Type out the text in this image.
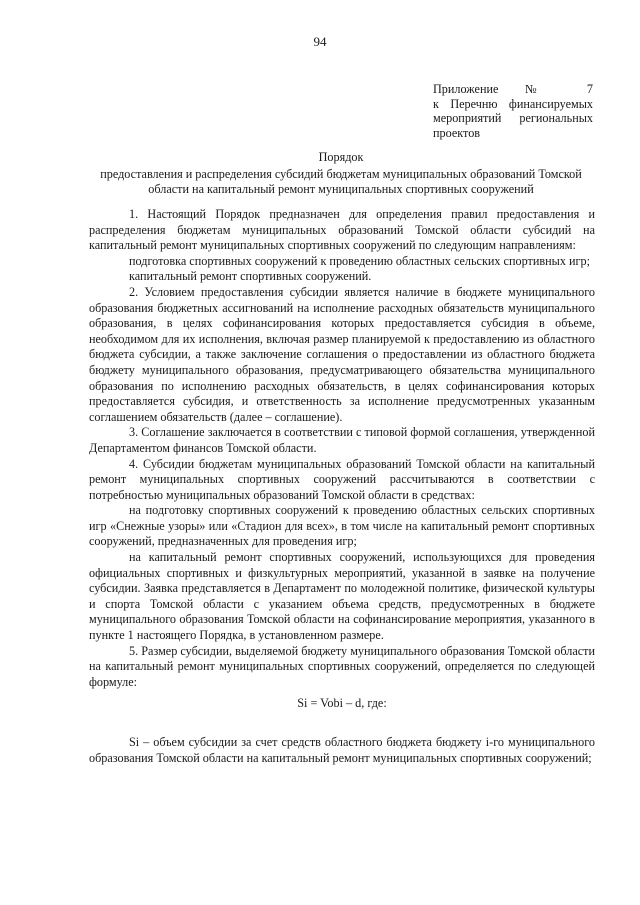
94
Приложение № 7
к Перечню финансируемых
мероприятий региональных
проектов
Порядок
предоставления и распределения субсидий бюджетам муниципальных образований Томской области на капитальный ремонт муниципальных спортивных сооружений

1. Настоящий Порядок предназначен для определения правил предоставления и распределения бюджетам муниципальных образований Томской области субсидий на капитальный ремонт муниципальных спортивных сооружений по следующим направлениям:

подготовка спортивных сооружений к проведению областных сельских спортивных игр;

капитальный ремонт спортивных сооружений.

2. Условием предоставления субсидии является наличие в бюджете муниципального образования бюджетных ассигнований на исполнение расходных обязательств муниципального образования, в целях софинансирования которых предоставляется субсидия в объеме, необходимом для их исполнения, включая размер планируемой к предоставлению из областного бюджета субсидии, а также заключение соглашения о предоставлении из областного бюджета бюджету муниципального образования, предусматривающего обязательства муниципального образования по исполнению расходных обязательств, в целях софинансирования которых предоставляется субсидия, и ответственность за исполнение предусмотренных указанным соглашением обязательств (далее – соглашение).

3. Соглашение заключается в соответствии с типовой формой соглашения, утвержденной Департаментом финансов Томской области.

4. Субсидии бюджетам муниципальных образований Томской области на капитальный ремонт муниципальных спортивных сооружений рассчитываются в соответствии с потребностью муниципальных образований Томской области в средствах:

на подготовку спортивных сооружений к проведению областных сельских спортивных игр «Снежные узоры» или «Стадион для всех», в том числе на капитальный ремонт спортивных сооружений, предназначенных для проведения игр;

на капитальный ремонт спортивных сооружений, использующихся для проведения официальных спортивных и физкультурных мероприятий, указанной в заявке на получение субсидии. Заявка представляется в Департамент по молодежной политике, физической культуры и спорта Томской области с указанием объема средств, предусмотренных в бюджете муниципального образования Томской области на софинансирование мероприятия, указанного в пункте 1 настоящего Порядка, в установленном размере.

5. Размер субсидии, выделяемой бюджету муниципального образования Томской области на капитальный ремонт муниципальных спортивных сооружений, определяется по следующей формуле:

Si = Vobi – d, где:

Si – объем субсидии за счет средств областного бюджета бюджету i-го муниципального образования Томской области на капитальный ремонт муниципальных спортивных сооружений;
